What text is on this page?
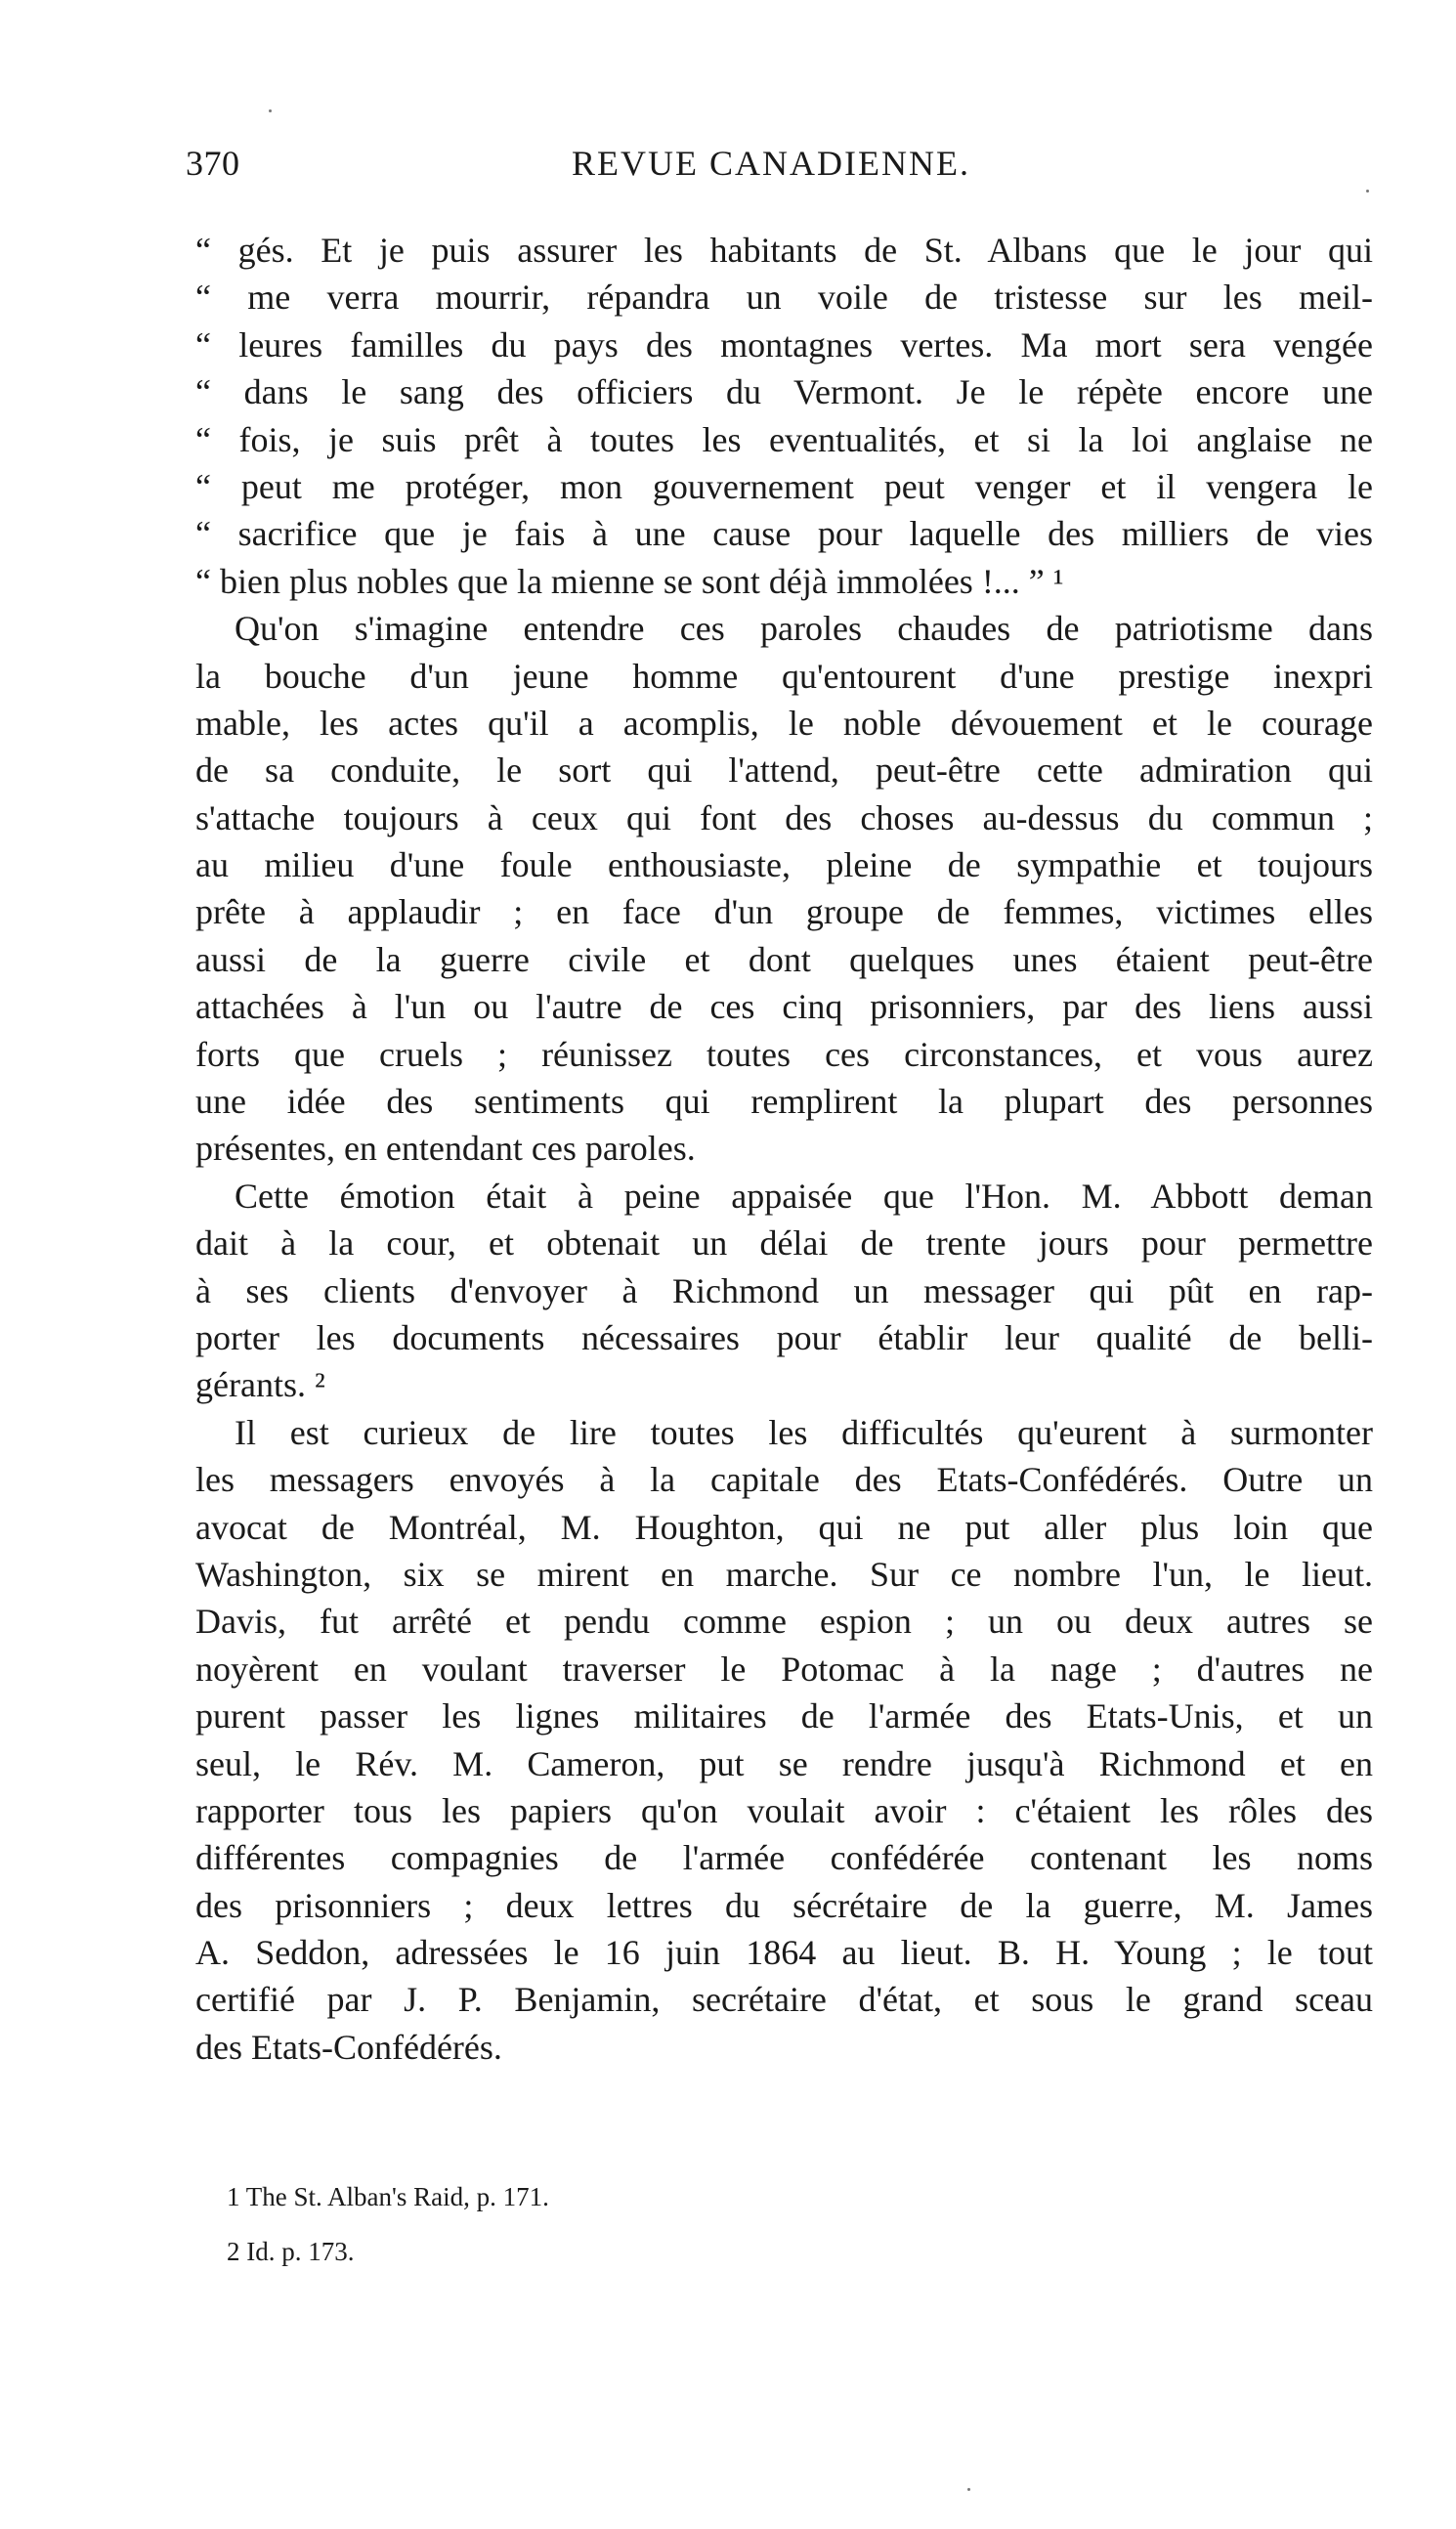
370	REVUE CANADIENNE.
“ gés. Et je puis assurer les habitants de St. Albans que le jour qui
“ me verra mourrir, répandra un voile de tristesse sur les meil-
“ leures familles du pays des montagnes vertes. Ma mort sera vengée
“ dans le sang des officiers du Vermont. Je le répète encore une
“ fois, je suis prêt à toutes les eventualités, et si la loi anglaise ne
“ peut me protéger, mon gouvernement peut venger et il vengera le
“ sacrifice que je fais à une cause pour laquelle des milliers de vies
“ bien plus nobles que la mienne se sont déjà immolées !... ” ¹
Qu'on s'imagine entendre ces paroles chaudes de patriotisme dans
la bouche d'un jeune homme qu'entourent d'une prestige inexpri
mable, les actes qu'il a acomplis, le noble dévouement et le courage
de sa conduite, le sort qui l'attend, peut-être cette admiration qui
s'attache toujours à ceux qui font des choses au-dessus du commun ;
au milieu d'une foule enthousiaste, pleine de sympathie et toujours
prête à applaudir ; en face d'un groupe de femmes, victimes elles
aussi de la guerre civile et dont quelques unes étaient peut-être
attachées à l'un ou l'autre de ces cinq prisonniers, par des liens aussi
forts que cruels ; réunissez toutes ces circonstances, et vous aurez
une idée des sentiments qui remplirent la plupart des personnes
présentes, en entendant ces paroles.
Cette émotion était à peine appaisée que l'Hon. M. Abbott deman
dait à la cour, et obtenait un délai de trente jours pour permettre
à ses clients d'envoyer à Richmond un messager qui pût en rap-
porter les documents nécessaires pour établir leur qualité de belli-
gérants. ²
Il est curieux de lire toutes les difficultés qu'eurent à surmonter
les messagers envoyés à la capitale des Etats-Confédérés. Outre un
avocat de Montréal, M. Houghton, qui ne put aller plus loin que
Washington, six se mirent en marche. Sur ce nombre l'un, le lieut.
Davis, fut arrêté et pendu comme espion ; un ou deux autres se
noyèrent en voulant traverser le Potomac à la nage ; d'autres ne
purent passer les lignes militaires de l'armée des Etats-Unis, et un
seul, le Rév. M. Cameron, put se rendre jusqu'à Richmond et en
rapporter tous les papiers qu'on voulait avoir : c'étaient les rôles des
différentes compagnies de l'armée confédérée contenant les noms
des prisonniers ; deux lettres du sécrétaire de la guerre, M. James
A. Seddon, adressées le 16 juin 1864 au lieut. B. H. Young ; le tout
certifié par J. P. Benjamin, secrétaire d'état, et sous le grand sceau
des Etats-Confédérés.
1 The St. Alban's Raid, p. 171.
2 Id. p. 173.
